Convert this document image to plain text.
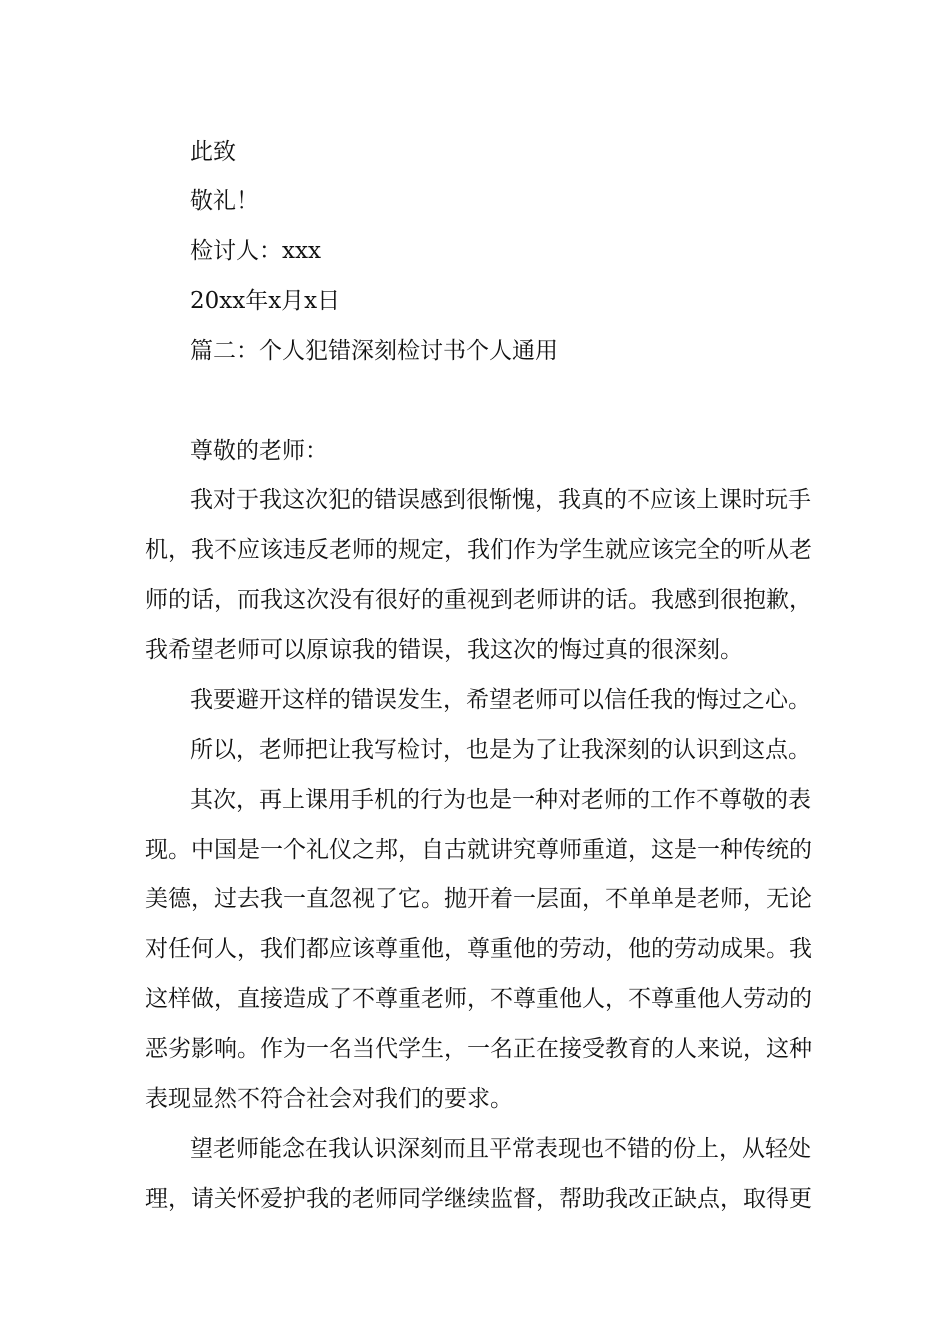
此致

敬礼！

检讨人：xxx

20xx年x月x日

篇二：个人犯错深刻检讨书个人通用

尊敬的老师：

我对于我这次犯的错误感到很惭愧，我真的不应该上课时玩手

机，我不应该违反老师的规定，我们作为学生就应该完全的听从老

师的话，而我这次没有很好的重视到老师讲的话。我感到很抱歉，

我希望老师可以原谅我的错误，我这次的悔过真的很深刻。

我要避开这样的错误发生，希望老师可以信任我的悔过之心。

所以，老师把让我写检讨，也是为了让我深刻的认识到这点。

其次，再上课用手机的行为也是一种对老师的工作不尊敬的表

现。中国是一个礼仪之邦，自古就讲究尊师重道，这是一种传统的

美德，过去我一直忽视了它。抛开着一层面，不单单是老师，无论

对任何人，我们都应该尊重他，尊重他的劳动，他的劳动成果。我

这样做，直接造成了不尊重老师，不尊重他人，不尊重他人劳动的

恶劣影响。作为一名当代学生，一名正在接受教育的人来说，这种

表现显然不符合社会对我们的要求。

望老师能念在我认识深刻而且平常表现也不错的份上，从轻处

理，请关怀爱护我的老师同学继续监督，帮助我改正缺点，取得更
